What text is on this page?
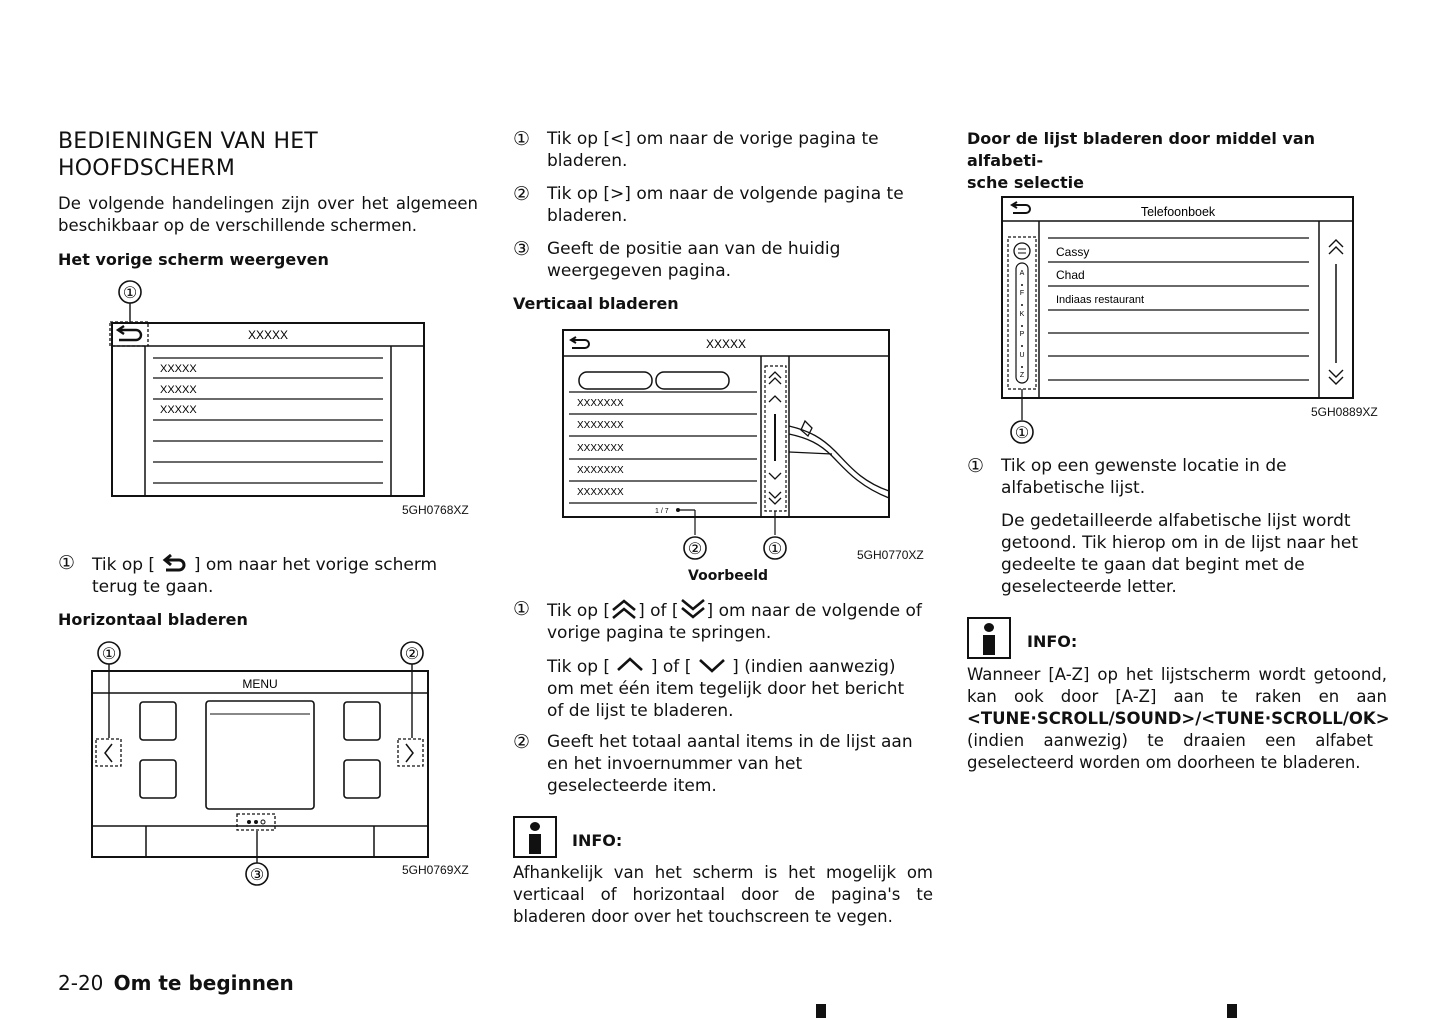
BEDIENINGEN VAN HET
HOOFDSCHERM
De volgende handelingen zijn over het algemeen beschikbaar op de verschillende schermen.
Het vorige scherm weergeven
①
XXXXX
XXXXX
XXXXX
XXXXX
5GH0768XZ
① Tik op [ ] om naar het vorige scherm
terug te gaan.
Horizontaal bladeren
①	②
MENU
③	5GH0769XZ
① Tik op [<] om naar de vorige pagina te
bladeren.
② Tik op [>] om naar de volgende pagina te
bladeren.
③ Geeft de positie aan van de huidig
weergegeven pagina.
Verticaal bladeren
XXXXX
XXXXXXX
XXXXXXX
XXXXXXX
XXXXXXX
XXXXXXX
1 / 7
②	①	5GH0770XZ
Voorbeeld
① Tik op [ ] of [ ] om naar de volgende of
vorige pagina te springen.
Tik op [ ] of [ ] (indien aanwezig)
om met één item tegelijk door het bericht
of de lijst te bladeren.
② Geeft het totaal aantal items in de lijst aan
en het invoernummer van het
geselecteerde item.
INFO:
Afhankelijk van het scherm is het mogelijk om verticaal of horizontaal door de pagina's te bladeren door over het touchscreen te vegen.
Door de lijst bladeren door middel van alfabeti-
sche selectie
Telefoonboek
A
F
K
P
U
Z
Cassy
Chad
Indiaas restaurant
①
5GH0889XZ
① Tik op een gewenste locatie in de
alfabetische lijst.
De gedetailleerde alfabetische lijst wordt
getoond. Tik hierop om in de lijst naar het
gedeelte te gaan dat begint met de
geselecteerde letter.
INFO:
Wanneer [A-Z] op het lijstscherm wordt getoond, kan ook door [A-Z] aan te raken en aan <TUNE·SCROLL/SOUND>/<TUNE·SCROLL/OK> (indien aanwezig) te draaien een alfabet geselecteerd worden om doorheen te bladeren.
2-20 Om te beginnen
